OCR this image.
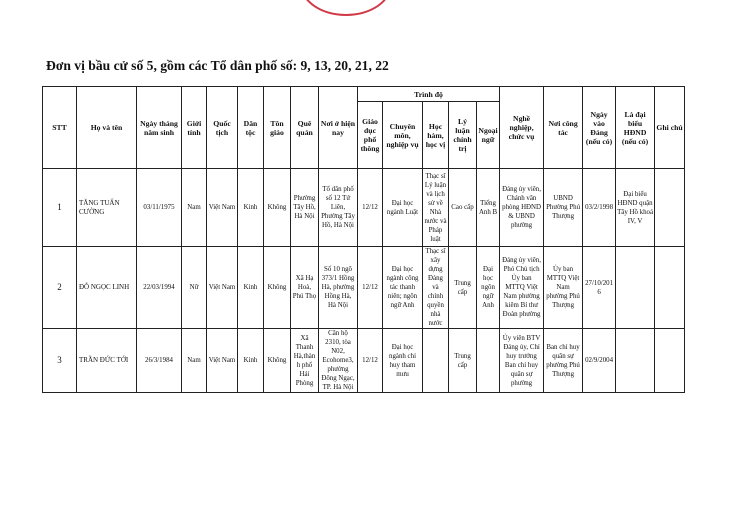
Đơn vị bầu cử số 5, gồm các Tổ dân phố số: 9, 13, 20, 21, 22
STT	Họ và tên	Ngày tháng năm sinh	Giới tính	Quốc tịch	Dân tộc	Tôn giáo	Quê quán	Nơi ở hiện nay	Trình độ					Nghề nghiệp, chức vụ	Nơi công tác	Ngày vào Đảng (nếu có)	Là đại biểu HĐND (nếu có)	Ghi chú
									Giáo dục phổ thông	Chuyên môn, nghiệp vụ	Học hàm, học vị	Lý luận chính trị	Ngoại ngữ					
1	TĂNG TUẤN CƯỜNG	03/11/1975	Nam	Việt Nam	Kinh	Không	Phường Tây Hồ, Hà Nội	Tổ dân phố số 12 Tứ Liên, Phường Tây Hồ, Hà Nội	12/12	Đại học ngành Luật	Thạc sĩ Lý luận và lịch sử về Nhà nước và Pháp luật	Cao cấp	Tiếng Anh B	Đảng ủy viên, Chánh văn phòng HĐND & UBND phường	UBND Phường Phú Thượng	03/2/1998	Đại biểu HĐND quận Tây Hồ khoá IV, V	
2	ĐỖ NGỌC LINH	22/03/1994	Nữ	Việt Nam	Kinh	Không	Xã Hạ Hoà, Phú Thọ	Số 10 ngõ 373/1 Hồng Hà, phường Hồng Hà, Hà Nội	12/12	Đại học ngành công tác thanh niên; ngôn ngữ Anh	Thạc sĩ xây dựng Đảng và chính quyền nhà nước	Trung cấp	Đại học ngôn ngữ Anh	Đảng ủy viên, Phó Chủ tịch Ủy ban MTTQ Việt Nam phường kiêm Bí thư Đoàn phường	Ủy ban MTTQ Việt Nam phường Phú Thượng	27/10/2016		
3	TRẦN ĐỨC TỚI	26/3/1984	Nam	Việt Nam	Kinh	Không	Xã Thanh Hà,thành phố Hải Phòng	Căn hộ 2310, tòa N02, Ecohome3, phường Đông Ngạc, TP. Hà Nội	12/12	Đại học ngành chỉ huy tham mưu		Trung cấp		Ủy viên BTV Đảng ủy, Chỉ huy trưởng Ban chỉ huy quân sự phường	Ban chỉ huy quân sự phường Phú Thượng	02/9/2004		
